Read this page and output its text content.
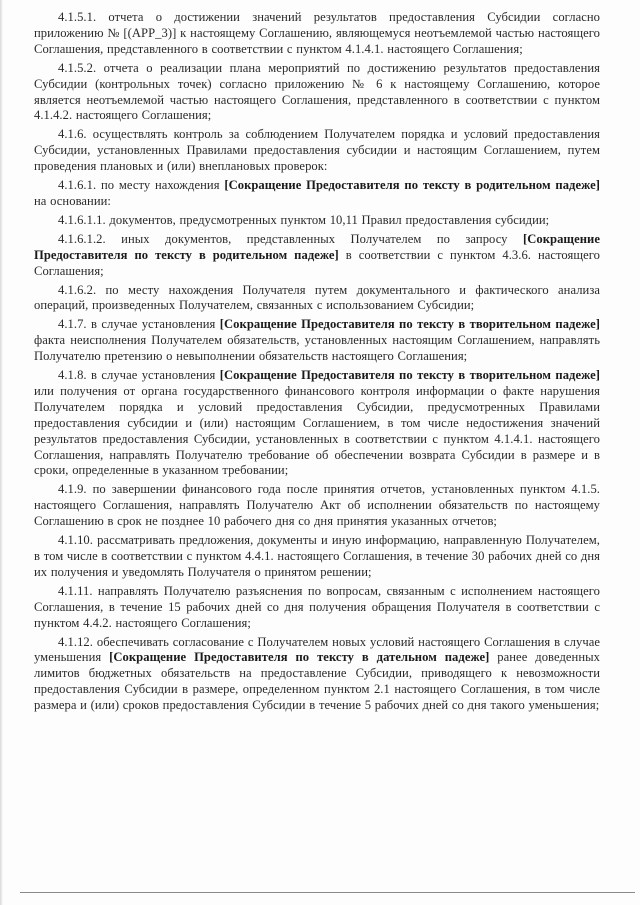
4.1.5.1. отчета о достижении значений результатов предоставления Субсидии согласно приложению № [(APP_3)] к настоящему Соглашению, являющемуся неотъемлемой частью настоящего Соглашения, представленного в соответствии с пунктом 4.1.4.1. настоящего Соглашения;

4.1.5.2. отчета о реализации плана мероприятий по достижению результатов предоставления Субсидии (контрольных точек) согласно приложению № 6 к настоящему Соглашению, которое является неотъемлемой частью настоящего Соглашения, представленного в соответствии с пунктом 4.1.4.2. настоящего Соглашения;

4.1.6. осуществлять контроль за соблюдением Получателем порядка и условий предоставления Субсидии, установленных Правилами предоставления субсидии и настоящим Соглашением, путем проведения плановых и (или) внеплановых проверок:

4.1.6.1. по месту нахождения [Сокращение Предоставителя по тексту в родительном падеже] на основании:

4.1.6.1.1. документов, предусмотренных пунктом 10,11 Правил предоставления субсидии;

4.1.6.1.2. иных документов, представленных Получателем по запросу [Сокращение Предоставителя по тексту в родительном падеже] в соответствии с пунктом 4.3.6. настоящего Соглашения;

4.1.6.2. по месту нахождения Получателя путем документального и фактического анализа операций, произведенных Получателем, связанных с использованием Субсидии;

4.1.7. в случае установления [Сокращение Предоставителя по тексту в творительном падеже] факта неисполнения Получателем обязательств, установленных настоящим Соглашением, направлять Получателю претензию о невыполнении обязательств настоящего Соглашения;

4.1.8. в случае установления [Сокращение Предоставителя по тексту в творительном падеже] или получения от органа государственного финансового контроля информации о факте нарушения Получателем порядка и условий предоставления Субсидии, предусмотренных Правилами предоставления субсидии и (или) настоящим Соглашением, в том числе недостижения значений результатов предоставления Субсидии, установленных в соответствии с пунктом 4.1.4.1. настоящего Соглашения, направлять Получателю требование об обеспечении возврата Субсидии в размере и в сроки, определенные в указанном требовании;

4.1.9. по завершении финансового года после принятия отчетов, установленных пунктом 4.1.5. настоящего Соглашения, направлять Получателю Акт об исполнении обязательств по настоящему Соглашению в срок не позднее 10 рабочего дня со дня принятия указанных отчетов;

4.1.10. рассматривать предложения, документы и иную информацию, направленную Получателем, в том числе в соответствии с пунктом 4.4.1. настоящего Соглашения, в течение 30 рабочих дней со дня их получения и уведомлять Получателя о принятом решении;

4.1.11. направлять Получателю разъяснения по вопросам, связанным с исполнением настоящего Соглашения, в течение 15 рабочих дней со дня получения обращения Получателя в соответствии с пунктом 4.4.2. настоящего Соглашения;

4.1.12. обеспечивать согласование с Получателем новых условий настоящего Соглашения в случае уменьшения [Сокращение Предоставителя по тексту в дательном падеже] ранее доведенных лимитов бюджетных обязательств на предоставление Субсидии, приводящего к невозможности предоставления Субсидии в размере, определенном пунктом 2.1 настоящего Соглашения, в том числе размера и (или) сроков предоставления Субсидии в течение 5 рабочих дней со дня такого уменьшения;
